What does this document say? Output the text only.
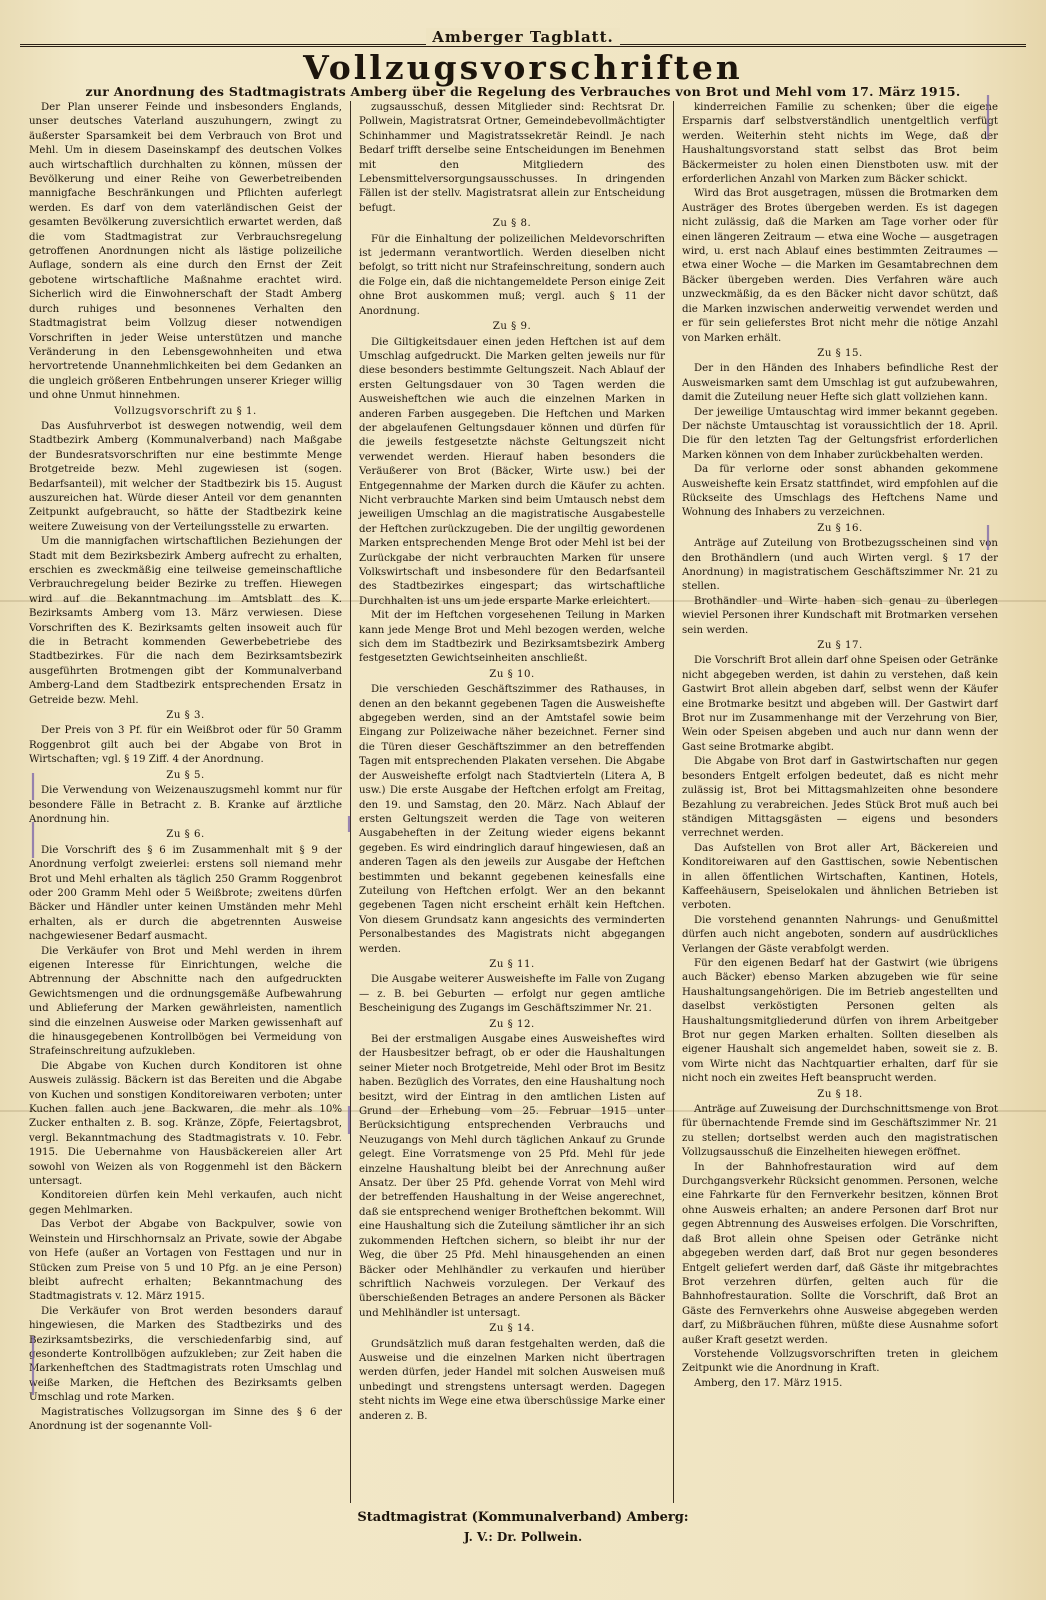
Amberger Tagblatt.
Vollzugsvorschriften
zur Anordnung des Stadtmagistrats Amberg über die Regelung des Verbrauches von Brot und Mehl vom 17. März 1915.

Der Plan unserer Feinde und insbesonders Englands, unser deutsches Vaterland auszuhungern, zwingt zu äußerster Sparsamkeit bei dem Verbrauch von Brot und Mehl. Um in diesem Daseinskampf des deutschen Volkes auch wirtschaftlich durchhalten zu können, müssen der Bevölkerung und einer Reihe von Gewerbetreibenden mannigfache Beschränkungen und Pflichten auferlegt werden. Es darf von dem vaterländischen Geist der gesamten Bevölkerung zuversichtlich erwartet werden, daß die vom Stadtmagistrat zur Verbrauchsregelung getroffenen Anordnungen nicht als lästige polizeiliche Auflage, sondern als eine durch den Ernst der Zeit gebotene wirtschaftliche Maßnahme erachtet wird. Sicherlich wird die Einwohnerschaft der Stadt Amberg durch ruhiges und besonnenes Verhalten den Stadtmagistrat beim Vollzug dieser notwendigen Vorschriften in jeder Weise unterstützen und manche Veränderung in den Lebensgewohnheiten und etwa hervortretende Unannehmlichkeiten bei dem Gedanken an die ungleich größeren Entbehrungen unserer Krieger willig und ohne Unmut hinnehmen.

Vollzugsvorschrift zu § 1.

Das Ausfuhrverbot ist deswegen notwendig, weil dem Stadtbezirk Amberg (Kommunalverband) nach Maßgabe der Bundesratsvorschriften nur eine bestimmte Menge Brotgetreide bezw. Mehl zugewiesen ist (sogen. Bedarfsanteil), mit welcher der Stadtbezirk bis 15. August auszureichen hat. Würde dieser Anteil vor dem genannten Zeitpunkt aufgebraucht, so hätte der Stadtbezirk keine weitere Zuweisung von der Verteilungsstelle zu erwarten.

Um die mannigfachen wirtschaftlichen Beziehungen der Stadt mit dem Bezirksbezirk Amberg aufrecht zu erhalten, erschien es zweckmäßig eine teilweise gemeinschaftliche Verbrauchregelung beider Bezirke zu treffen. Hiewegen wird auf die Bekanntmachung im Amtsblatt des K. Bezirksamts Amberg vom 13. März verwiesen. Diese Vorschriften des K. Bezirksamts gelten insoweit auch für die in Betracht kommenden Gewerbebetriebe des Stadtbezirkes. Für die nach dem Bezirksamtsbezirk ausgeführten Brotmengen gibt der Kommunalverband Amberg-Land dem Stadtbezirk entsprechenden Ersatz in Getreide bezw. Mehl.

Zu § 3.

Der Preis von 3 Pf. für ein Weißbrot oder für 50 Gramm Roggenbrot gilt auch bei der Abgabe von Brot in Wirtschaften; vgl. § 19 Ziff. 4 der Anordnung.

Zu § 5.

Die Verwendung von Weizenauszugsmehl kommt nur für besondere Fälle in Betracht z. B. Kranke auf ärztliche Anordnung hin.

Zu § 6.

Die Vorschrift des § 6 im Zusammenhalt mit § 9 der Anordnung verfolgt zweierlei: erstens soll niemand mehr Brot und Mehl erhalten als täglich 250 Gramm Roggenbrot oder 200 Gramm Mehl oder 5 Weißbrote; zweitens dürfen Bäcker und Händler unter keinen Umständen mehr Mehl erhalten, als er durch die abgetrennten Ausweise nachgewiesener Bedarf ausmacht.

Die Verkäufer von Brot und Mehl werden in ihrem eigenen Interesse für Einrichtungen, welche die Abtrennung der Abschnitte nach den aufgedruckten Gewichtsmengen und die ordnungsgemäße Aufbewahrung und Ablieferung der Marken gewährleisten, namentlich sind die einzelnen Ausweise oder Marken gewissenhaft auf die hinausgegebenen Kontrollbögen bei Vermeidung von Strafeinschreitung aufzukleben.

Die Abgabe von Kuchen durch Konditoren ist ohne Ausweis zulässig. Bäckern ist das Bereiten und die Abgabe von Kuchen und sonstigen Konditoreiwaren verboten; unter Kuchen fallen auch jene Backwaren, die mehr als 10% Zucker enthalten z. B. sog. Kränze, Zöpfe, Feiertagsbrot, vergl. Bekanntmachung des Stadtmagistrats v. 10. Febr. 1915. Die Uebernahme von Hausbäckereien aller Art sowohl von Weizen als von Roggenmehl ist den Bäckern untersagt.

Konditoreien dürfen kein Mehl verkaufen, auch nicht gegen Mehlmarken.

Das Verbot der Abgabe von Backpulver, sowie von Weinstein und Hirschhornsalz an Private, sowie der Abgabe von Hefe (außer an Vortagen von Festtagen und nur in Stücken zum Preise von 5 und 10 Pfg. an je eine Person) bleibt aufrecht erhalten; Bekanntmachung des Stadtmagistrats v. 12. März 1915.

Die Verkäufer von Brot werden besonders darauf hingewiesen, die Marken des Stadtbezirks und des Bezirksamtsbezirks, die verschiedenfarbig sind, auf gesonderte Kontrollbögen aufzukleben; zur Zeit haben die Markenheftchen des Stadtmagistrats roten Umschlag und weiße Marken, die Heftchen des Bezirksamts gelben Umschlag und rote Marken.

Magistratisches Vollzugsorgan im Sinne des § 6 der Anordnung ist der sogenannte Voll-

zugsausschuß, dessen Mitglieder sind: Rechtsrat Dr. Pollwein, Magistratsrat Ortner, Gemeindebevollmächtigter Schinhammer und Magistratssekretär Reindl. Je nach Bedarf trifft derselbe seine Entscheidungen im Benehmen mit den Mitgliedern des Lebensmittelversorgungsausschusses. In dringenden Fällen ist der stellv. Magistratsrat allein zur Entscheidung befugt.

Zu § 8.

Für die Einhaltung der polizeilichen Meldevorschriften ist jedermann verantwortlich. Werden dieselben nicht befolgt, so tritt nicht nur Strafeinschreitung, sondern auch die Folge ein, daß die nichtangemeldete Person einige Zeit ohne Brot auskommen muß; vergl. auch § 11 der Anordnung.

Zu § 9.

Die Giltigkeitsdauer einen jeden Heftchen ist auf dem Umschlag aufgedruckt. Die Marken gelten jeweils nur für diese besonders bestimmte Geltungszeit. Nach Ablauf der ersten Geltungsdauer von 30 Tagen werden die Ausweisheftchen wie auch die einzelnen Marken in anderen Farben ausgegeben. Die Heftchen und Marken der abgelaufenen Geltungsdauer können und dürfen für die jeweils festgesetzte nächste Geltungszeit nicht verwendet werden. Hierauf haben besonders die Veräußerer von Brot (Bäcker, Wirte usw.) bei der Entgegennahme der Marken durch die Käufer zu achten. Nicht verbrauchte Marken sind beim Umtausch nebst dem jeweiligen Umschlag an die magistratische Ausgabestelle der Heftchen zurückzugeben. Die der ungiltig gewordenen Marken entsprechenden Menge Brot oder Mehl ist bei der Zurückgabe der nicht verbrauchten Marken für unsere Volkswirtschaft und insbesondere für den Bedarfsanteil des Stadtbezirkes eingespart; das wirtschaftliche Durchhalten ist uns um jede ersparte Marke erleichtert.

Mit der im Heftchen vorgesehenen Teilung in Marken kann jede Menge Brot und Mehl bezogen werden, welche sich dem im Stadtbezirk und Bezirksamtsbezirk Amberg festgesetzten Gewichtseinheiten anschließt.

Zu § 10.

Die verschieden Geschäftszimmer des Rathauses, in denen an den bekannt gegebenen Tagen die Ausweishefte abgegeben werden, sind an der Amtstafel sowie beim Eingang zur Polizeiwache näher bezeichnet. Ferner sind die Türen dieser Geschäftszimmer an den betreffenden Tagen mit entsprechenden Plakaten versehen. Die Abgabe der Ausweishefte erfolgt nach Stadtvierteln (Litera A, B usw.) Die erste Ausgabe der Heftchen erfolgt am Freitag, den 19. und Samstag, den 20. März. Nach Ablauf der ersten Geltungszeit werden die Tage von weiteren Ausgabeheften in der Zeitung wieder eigens bekannt gegeben. Es wird eindringlich darauf hingewiesen, daß an anderen Tagen als den jeweils zur Ausgabe der Heftchen bestimmten und bekannt gegebenen keinesfalls eine Zuteilung von Heftchen erfolgt. Wer an den bekannt gegebenen Tagen nicht erscheint erhält kein Heftchen. Von diesem Grundsatz kann angesichts des verminderten Personalbestandes des Magistrats nicht abgegangen werden.

Zu § 11.

Die Ausgabe weiterer Ausweishefte im Falle von Zugang — z. B. bei Geburten — erfolgt nur gegen amtliche Bescheinigung des Zugangs im Geschäftszimmer Nr. 21.

Zu § 12.

Bei der erstmaligen Ausgabe eines Ausweisheftes wird der Hausbesitzer befragt, ob er oder die Haushaltungen seiner Mieter noch Brotgetreide, Mehl oder Brot im Besitz haben. Bezüglich des Vorrates, den eine Haushaltung noch besitzt, wird der Eintrag in den amtlichen Listen auf Grund der Erhebung vom 25. Februar 1915 unter Berücksichtigung entsprechenden Verbrauchs und Neuzugangs von Mehl durch täglichen Ankauf zu Grunde gelegt. Eine Vorratsmenge von 25 Pfd. Mehl für jede einzelne Haushaltung bleibt bei der Anrechnung außer Ansatz. Der über 25 Pfd. gehende Vorrat von Mehl wird der betreffenden Haushaltung in der Weise angerechnet, daß sie entsprechend weniger Brotheftchen bekommt. Will eine Haushaltung sich die Zuteilung sämtlicher ihr an sich zukommenden Heftchen sichern, so bleibt ihr nur der Weg, die über 25 Pfd. Mehl hinausgehenden an einen Bäcker oder Mehlhändler zu verkaufen und hierüber schriftlich Nachweis vorzulegen. Der Verkauf des überschießenden Betrages an andere Personen als Bäcker und Mehlhändler ist untersagt.

Zu § 14.

Grundsätzlich muß daran festgehalten werden, daß die Ausweise und die einzelnen Marken nicht übertragen werden dürfen, jeder Handel mit solchen Ausweisen muß unbedingt und strengstens untersagt werden. Dagegen steht nichts im Wege eine etwa überschüssige Marke einer anderen z. B.

kinderreichen Familie zu schenken; über die eigene Ersparnis darf selbstverständlich unentgeltlich verfügt werden. Weiterhin steht nichts im Wege, daß der Haushaltungsvorstand statt selbst das Brot beim Bäckermeister zu holen einen Dienstboten usw. mit der erforderlichen Anzahl von Marken zum Bäcker schickt.

Wird das Brot ausgetragen, müssen die Brotmarken dem Austräger des Brotes übergeben werden. Es ist dagegen nicht zulässig, daß die Marken am Tage vorher oder für einen längeren Zeitraum — etwa eine Woche — ausgetragen wird, u. erst nach Ablauf eines bestimmten Zeitraumes — etwa einer Woche — die Marken im Gesamtabrechnen dem Bäcker übergeben werden. Dies Verfahren wäre auch unzweckmäßig, da es den Bäcker nicht davor schützt, daß die Marken inzwischen anderweitig verwendet werden und er für sein gelieferstes Brot nicht mehr die nötige Anzahl von Marken erhält.

Zu § 15.

Der in den Händen des Inhabers befindliche Rest der Ausweismarken samt dem Umschlag ist gut aufzubewahren, damit die Zuteilung neuer Hefte sich glatt vollziehen kann.

Der jeweilige Umtauschtag wird immer bekannt gegeben. Der nächste Umtauschtag ist voraussichtlich der 18. April. Die für den letzten Tag der Geltungsfrist erforderlichen Marken können von dem Inhaber zurückbehalten werden.

Da für verlorne oder sonst abhanden gekommene Ausweishefte kein Ersatz stattfindet, wird empfohlen auf die Rückseite des Umschlags des Heftchens Name und Wohnung des Inhabers zu verzeichnen.

Zu § 16.

Anträge auf Zuteilung von Brotbezugsscheinen sind von den Brothändlern (und auch Wirten vergl. § 17 der Anordnung) in magistratischem Geschäftszimmer Nr. 21 zu stellen.

Brothändler und Wirte haben sich genau zu überlegen wieviel Personen ihrer Kundschaft mit Brotmarken versehen sein werden.

Zu § 17.

Die Vorschrift Brot allein darf ohne Speisen oder Getränke nicht abgegeben werden, ist dahin zu verstehen, daß kein Gastwirt Brot allein abgeben darf, selbst wenn der Käufer eine Brotmarke besitzt und abgeben will. Der Gastwirt darf Brot nur im Zusammenhange mit der Verzehrung von Bier, Wein oder Speisen abgeben und auch nur dann wenn der Gast seine Brotmarke abgibt.

Die Abgabe von Brot darf in Gastwirtschaften nur gegen besonders Entgelt erfolgen bedeutet, daß es nicht mehr zulässig ist, Brot bei Mittagsmahlzeiten ohne besondere Bezahlung zu verabreichen. Jedes Stück Brot muß auch bei ständigen Mittagsgästen — eigens und besonders verrechnet werden.

Das Aufstellen von Brot aller Art, Bäckereien und Konditoreiwaren auf den Gasttischen, sowie Nebentischen in allen öffentlichen Wirtschaften, Kantinen, Hotels, Kaffeehäusern, Speiselokalen und ähnlichen Betrieben ist verboten.

Die vorstehend genannten Nahrungs- und Genußmittel dürfen auch nicht angeboten, sondern auf ausdrückliches Verlangen der Gäste verabfolgt werden.

Für den eigenen Bedarf hat der Gastwirt (wie übrigens auch Bäcker) ebenso Marken abzugeben wie für seine Haushaltungsangehörigen. Die im Betrieb angestellten und daselbst verköstigten Personen gelten als Haushaltungsmitgliederund dürfen von ihrem Arbeitgeber Brot nur gegen Marken erhalten. Sollten dieselben als eigener Haushalt sich angemeldet haben, soweit sie z. B. vom Wirte nicht das Nachtquartier erhalten, darf für sie nicht noch ein zweites Heft beansprucht werden.

Zu § 18.

Anträge auf Zuweisung der Durchschnittsmenge von Brot für übernachtende Fremde sind im Geschäftszimmer Nr. 21 zu stellen; dortselbst werden auch den magistratischen Vollzugsausschuß die Einzelheiten hiewegen eröffnet.

In der Bahnhofrestauration wird auf dem Durchgangsverkehr Rücksicht genommen. Personen, welche eine Fahrkarte für den Fernverkehr besitzen, können Brot ohne Ausweis erhalten; an andere Personen darf Brot nur gegen Abtrennung des Ausweises erfolgen. Die Vorschriften, daß Brot allein ohne Speisen oder Getränke nicht abgegeben werden darf, daß Brot nur gegen besonderes Entgelt geliefert werden darf, daß Gäste ihr mitgebrachtes Brot verzehren dürfen, gelten auch für die Bahnhofrestauration. Sollte die Vorschrift, daß Brot an Gäste des Fernverkehrs ohne Ausweise abgegeben werden darf, zu Mißbräuchen führen, müßte diese Ausnahme sofort außer Kraft gesetzt werden.

Vorstehende Vollzugsvorschriften treten in gleichem Zeitpunkt wie die Anordnung in Kraft.

Amberg, den 17. März 1915.

Stadtmagistrat (Kommunalverband) Amberg:
J. V.: Dr. Pollwein.
